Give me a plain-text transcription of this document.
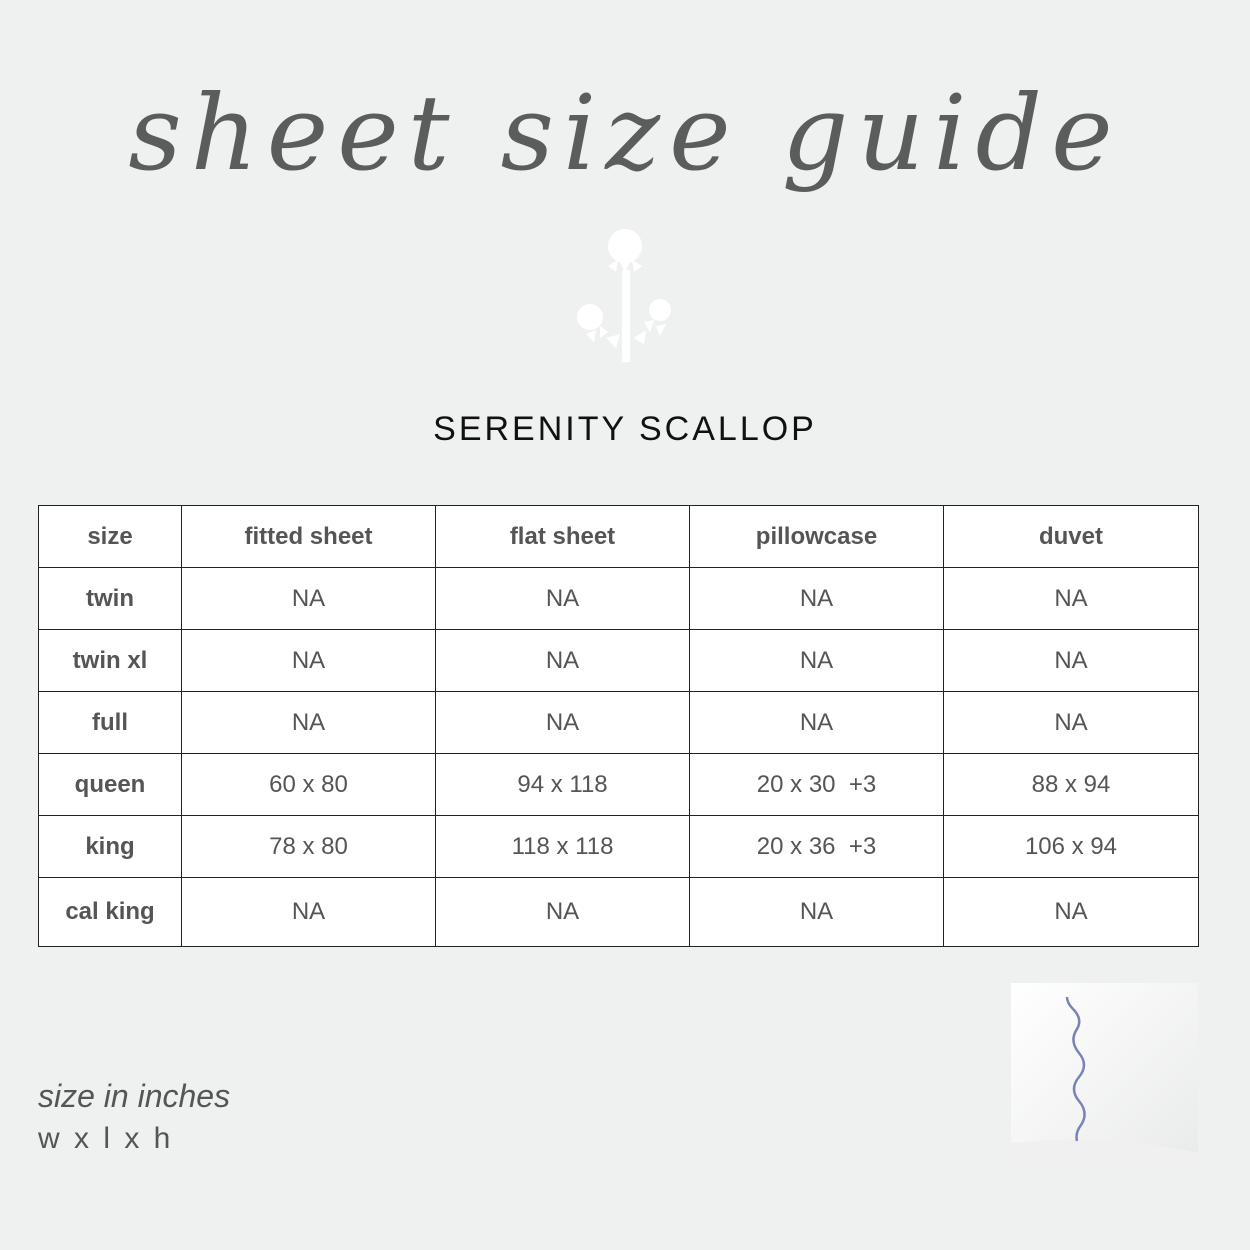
sheet size guide
SERENITY SCALLOP
size	fitted sheet	flat sheet	pillowcase	duvet
twin	NA	NA	NA	NA
twin xl	NA	NA	NA	NA
full	NA	NA	NA	NA
queen	60 x 80	94 x 118	20 x 30  +3	88 x 94
king	78 x 80	118 x 118	20 x 36  +3	106 x 94
cal king	NA	NA	NA	NA
size in inches
w x l x h
